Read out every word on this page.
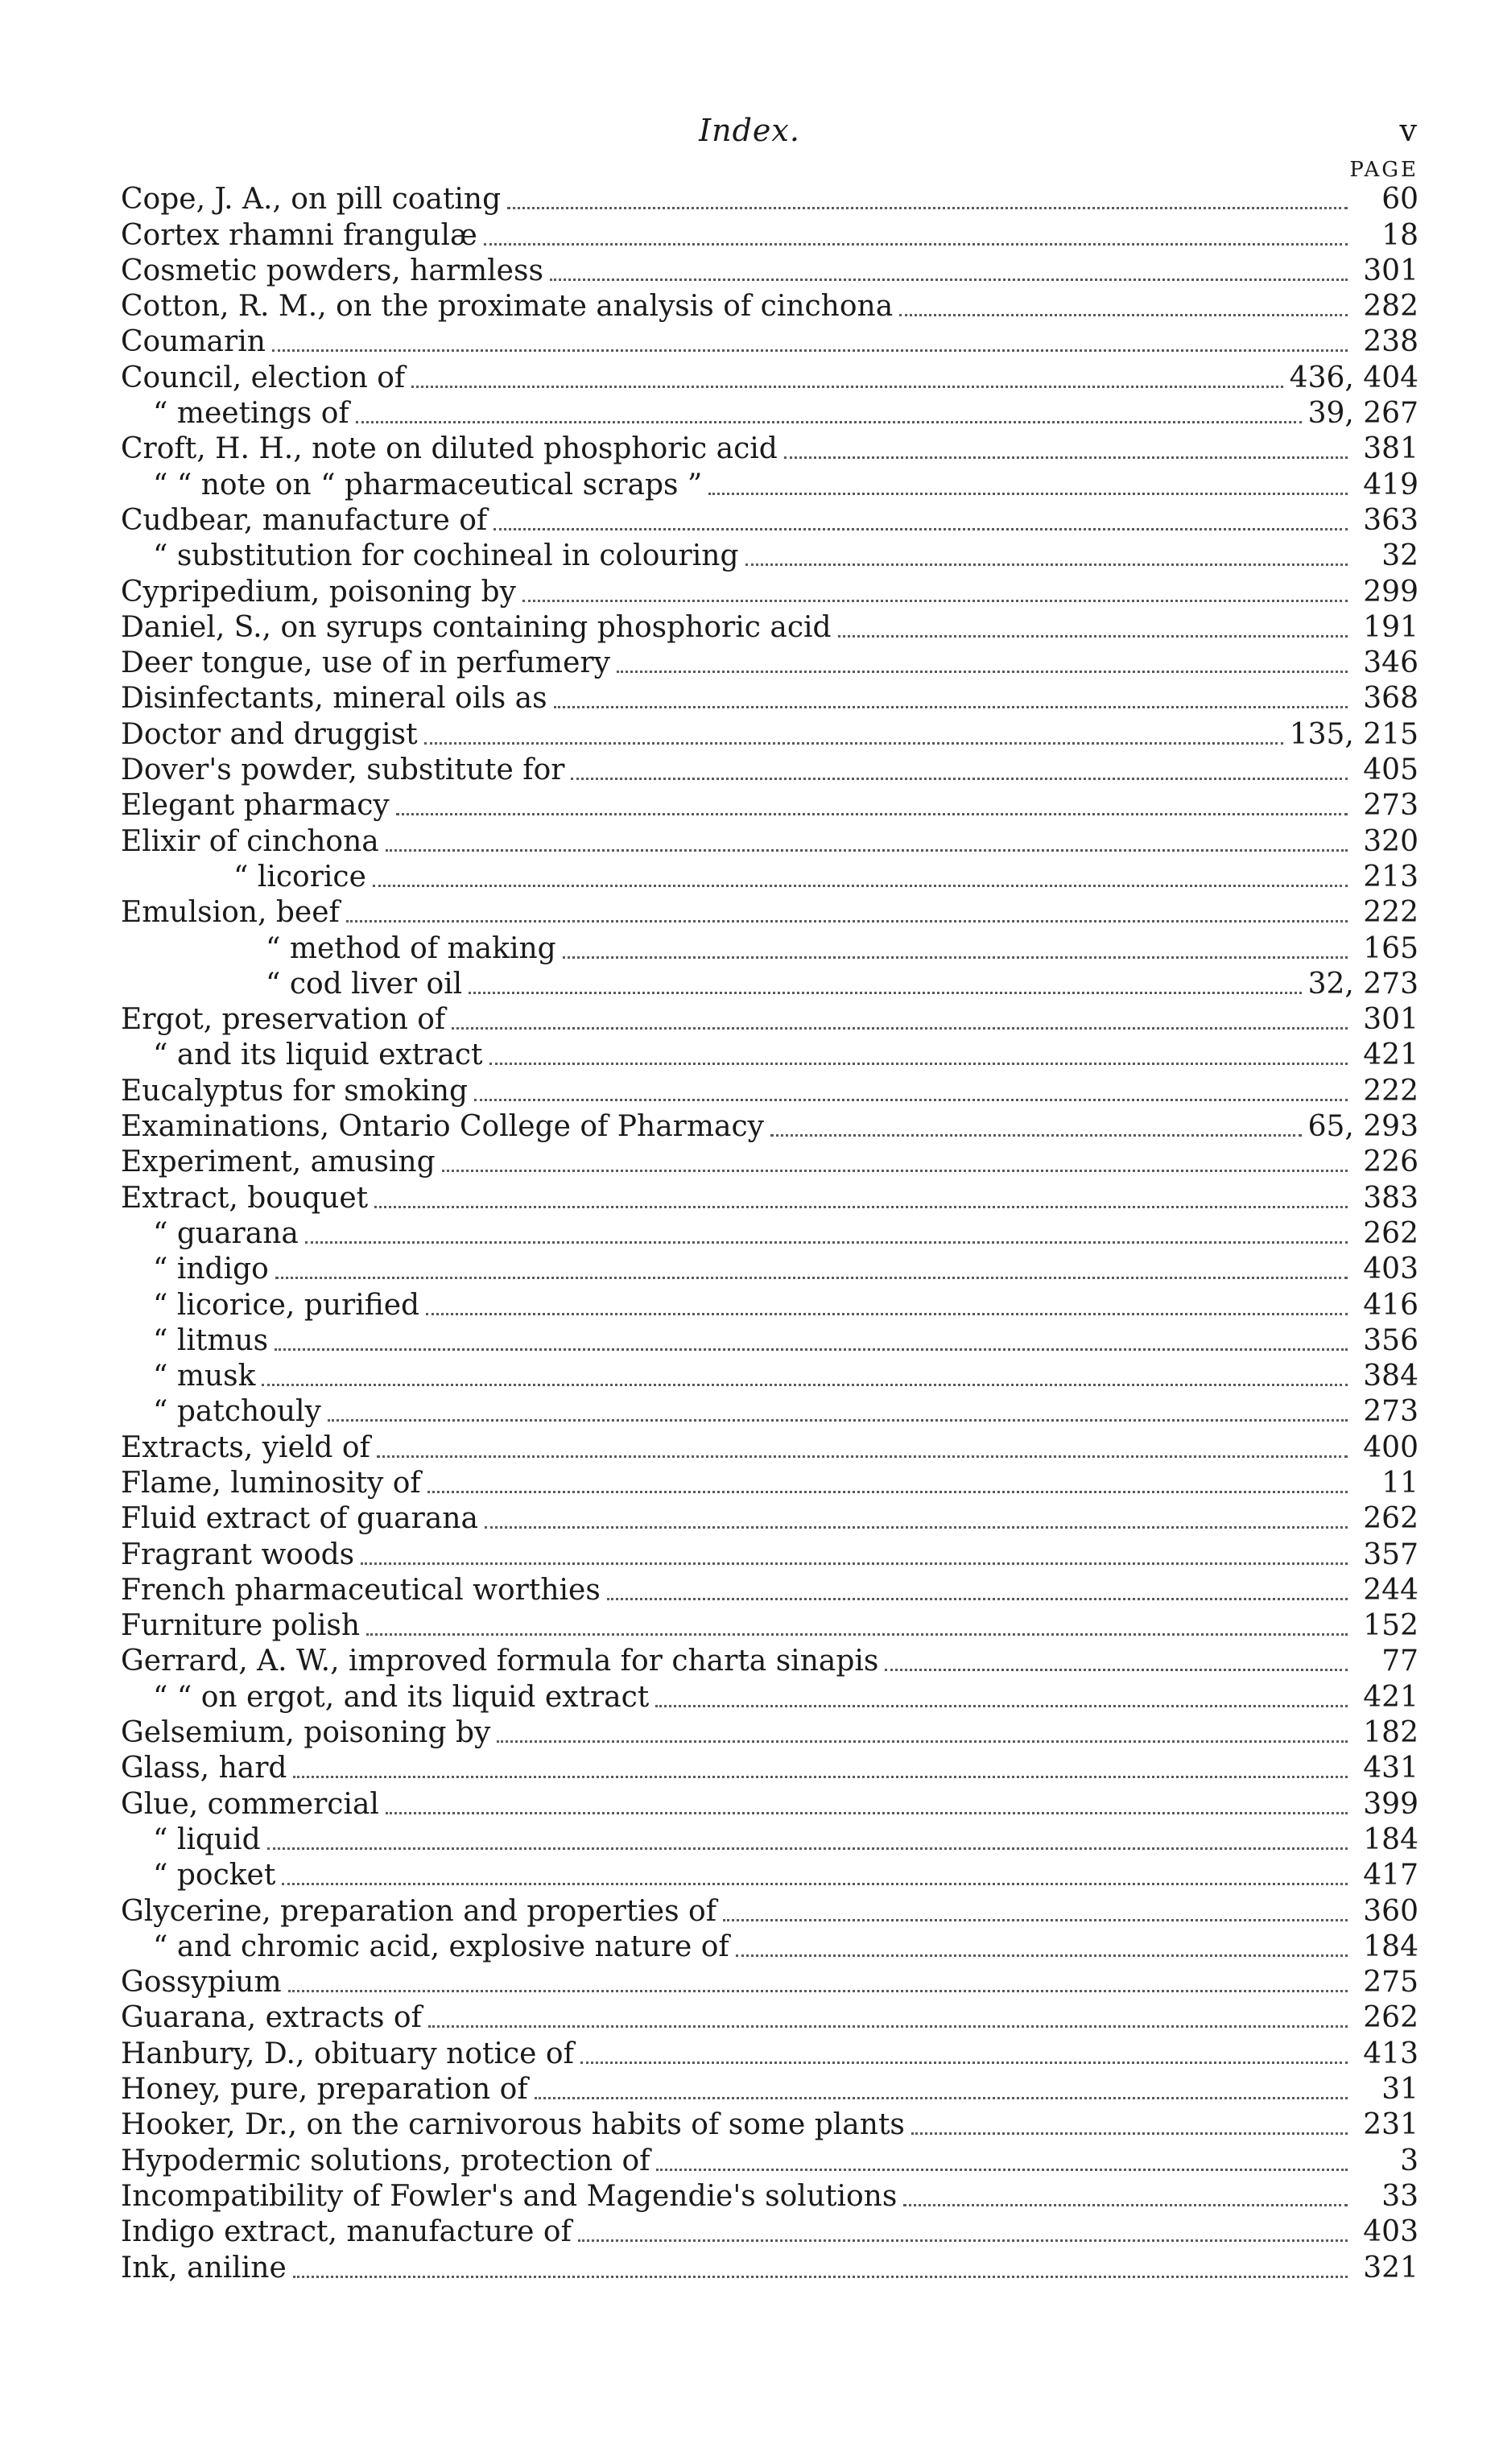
Index.	v
PAGE
Cope, J. A., on pill coating	60
Cortex rhamni frangulæ	18
Cosmetic powders, harmless	301
Cotton, R. M., on the proximate analysis of cinchona	282
Coumarin	238
Council, election of	436, 404
“ meetings of	39, 267
Croft, H. H., note on diluted phosphoric acid	381
“ “ note on “ pharmaceutical scraps ”	419
Cudbear, manufacture of	363
“ substitution for cochineal in colouring	32
Cypripedium, poisoning by	299
Daniel, S., on syrups containing phosphoric acid	191
Deer tongue, use of in perfumery	346
Disinfectants, mineral oils as	368
Doctor and druggist	135, 215
Dover's powder, substitute for	405
Elegant pharmacy	273
Elixir of cinchona	320
“ licorice	213
Emulsion, beef	222
“ method of making	165
“ cod liver oil	32, 273
Ergot, preservation of	301
“ and its liquid extract	421
Eucalyptus for smoking	222
Examinations, Ontario College of Pharmacy	65, 293
Experiment, amusing	226
Extract, bouquet	383
“ guarana	262
“ indigo	403
“ licorice, purified	416
“ litmus	356
“ musk	384
“ patchouly	273
Extracts, yield of	400
Flame, luminosity of	11
Fluid extract of guarana	262
Fragrant woods	357
French pharmaceutical worthies	244
Furniture polish	152
Gerrard, A. W., improved formula for charta sinapis	77
“ “ on ergot, and its liquid extract	421
Gelsemium, poisoning by	182
Glass, hard	431
Glue, commercial	399
“ liquid	184
“ pocket	417
Glycerine, preparation and properties of	360
“ and chromic acid, explosive nature of	184
Gossypium	275
Guarana, extracts of	262
Hanbury, D., obituary notice of	413
Honey, pure, preparation of	31
Hooker, Dr., on the carnivorous habits of some plants	231
Hypodermic solutions, protection of	3
Incompatibility of Fowler's and Magendie's solutions	33
Indigo extract, manufacture of	403
Ink, aniline	321
